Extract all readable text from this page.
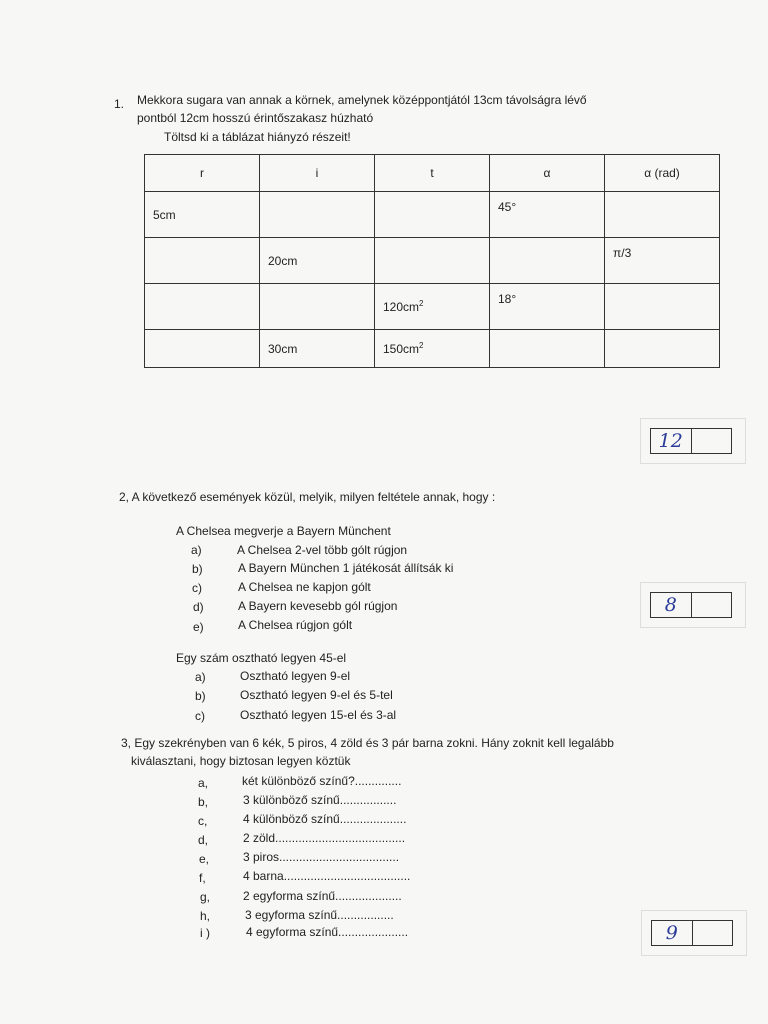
1. Mekkora sugara van annak a körnek, amelynek középpontjától 13cm távolságra lévő
pontból 12cm hosszú érintőszakasz húzható
Töltsd ki a táblázat hiányzó részeit!
r	i	t	α	α (rad)
5cm			45°	
	20cm			π/3
		$120cm^2$	18°	
	30cm	$150cm^2$		
12
2, A következő események közül, melyik, milyen feltétele annak, hogy :
A Chelsea megverje a Bayern Münchent
a)	A Chelsea 2-vel több gólt rúgjon
b)	A Bayern München 1 játékosát állítsák ki
c)	A Chelsea ne kapjon gólt
d)	A Bayern kevesebb gól rúgjon
e)	A Chelsea rúgjon gólt
8
Egy szám osztható legyen 45-el
a)	Osztható legyen 9-el
b)	Osztható legyen 9-el és 5-tel
c)	Osztható legyen 15-el és 3-al
3, Egy szekrényben van 6 kék, 5 piros, 4 zöld és 3 pár barna zokni. Hány zoknit kell legalább
kiválasztani, hogy biztosan legyen köztük
a,	két különböző színű?..............
b,	3 különböző színű.................
c,	4 különböző színű....................
d,	2 zöld.......................................
e,	3 piros....................................
f,	4 barna......................................
g,	2 egyforma színű....................
h,	3 egyforma színű.................
i )	4 egyforma színű.....................	9
